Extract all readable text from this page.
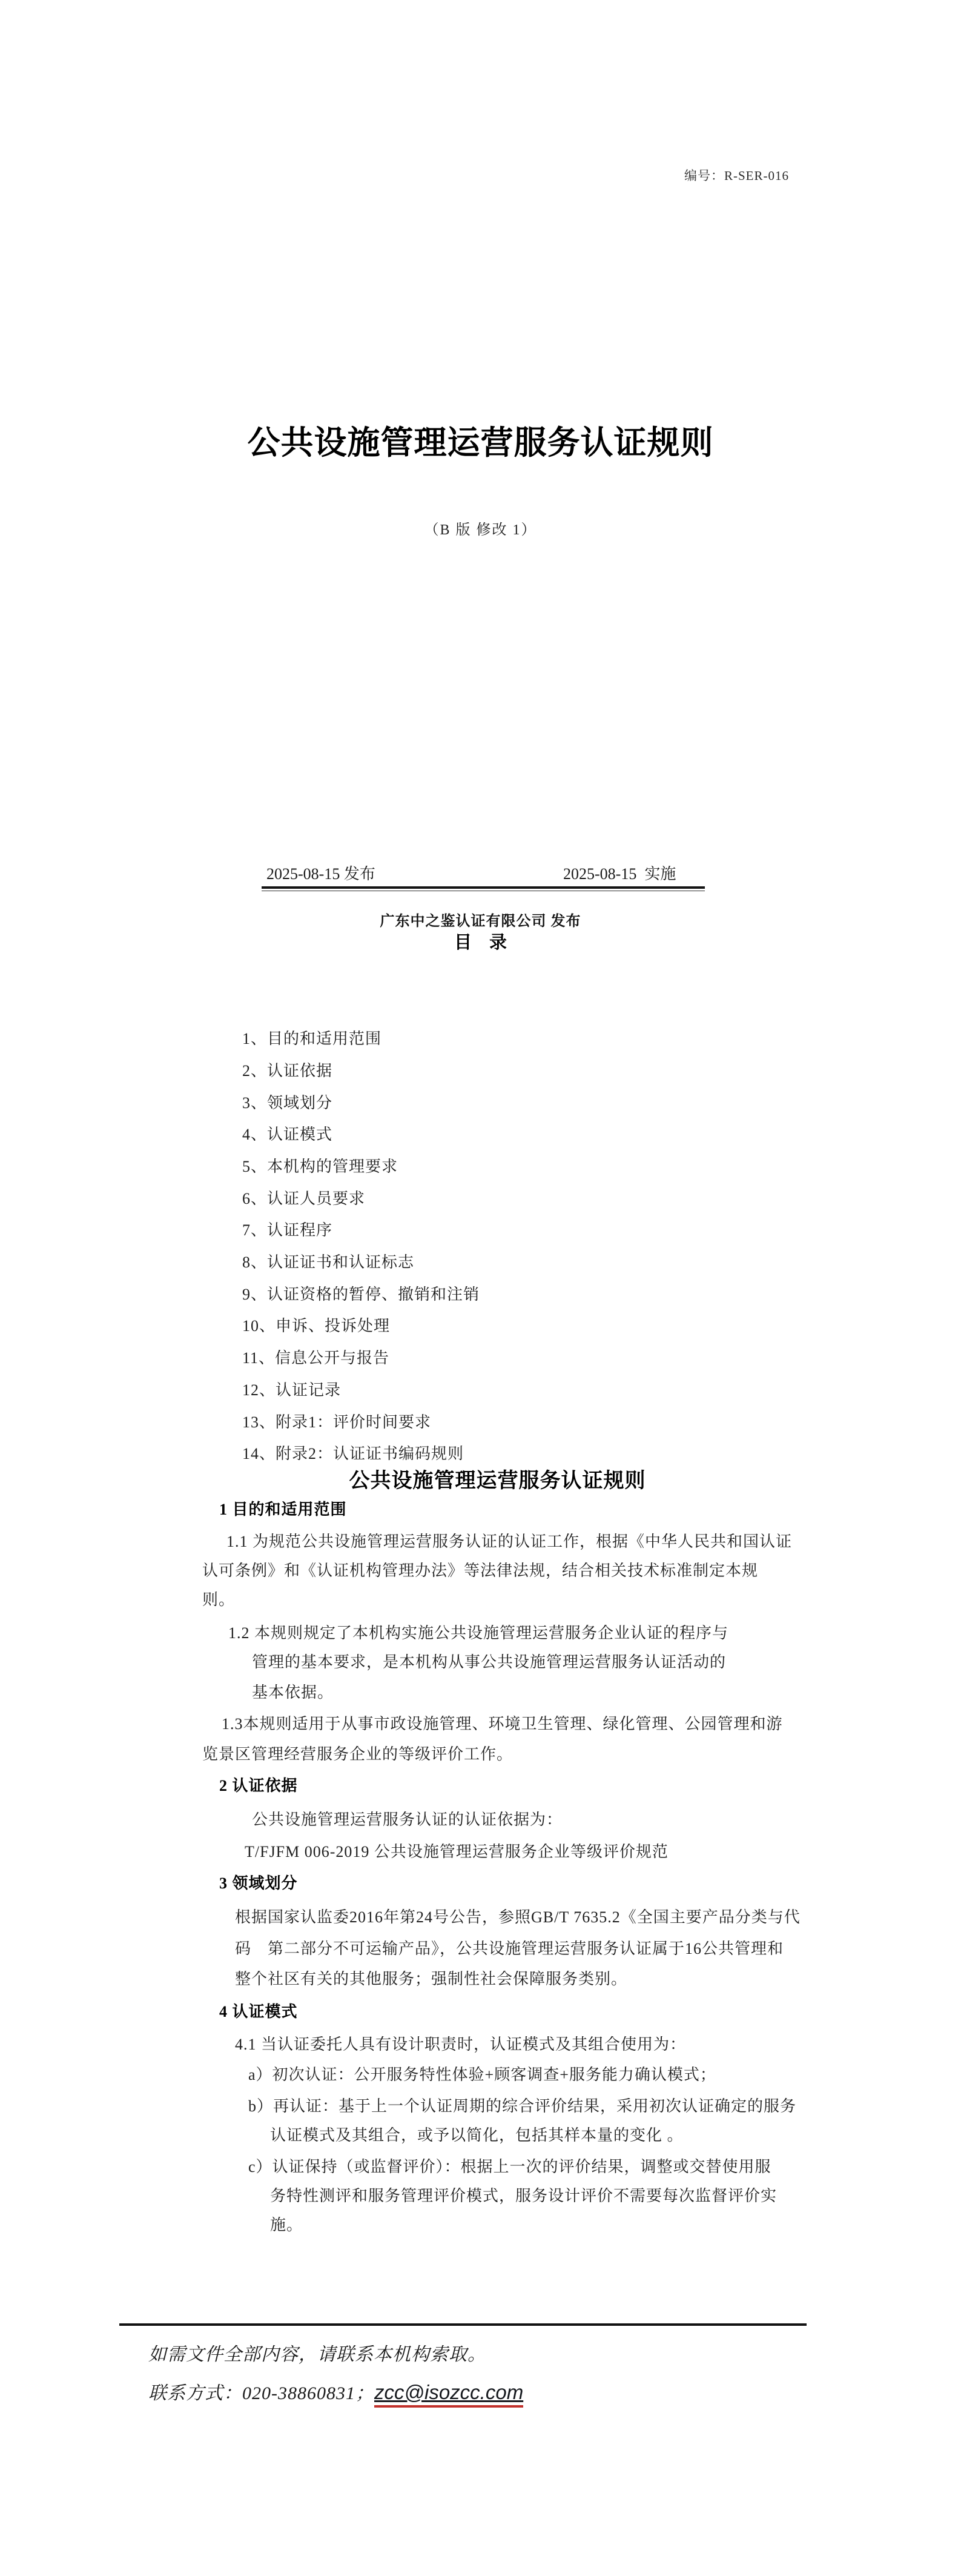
编号：R-SER-016
公共设施管理运营服务认证规则
（B 版 修改 1）
2025-08-15 发布	2025-08-15  实施
广东中之鉴认证有限公司 发布
目　录
1、目的和适用范围
2、认证依据
3、领域划分
4、认证模式
5、本机构的管理要求
6、认证人员要求
7、认证程序
8、认证证书和认证标志
9、认证资格的暂停、撤销和注销
10、申诉、投诉处理
11、信息公开与报告
12、认证记录
13、附录1：评价时间要求
14、附录2：认证证书编码规则
公共设施管理运营服务认证规则
1 目的和适用范围
1.1 为规范公共设施管理运营服务认证的认证工作，根据《中华人民共和国认证
认可条例》和《认证机构管理办法》等法律法规，结合相关技术标准制定本规
则。
1.2 本规则规定了本机构实施公共设施管理运营服务企业认证的程序与
管理的基本要求，是本机构从事公共设施管理运营服务认证活动的
基本依据。
1.3本规则适用于从事市政设施管理、环境卫生管理、绿化管理、公园管理和游
览景区管理经营服务企业的等级评价工作。
2 认证依据
公共设施管理运营服务认证的认证依据为：
T/FJFM 006-2019 公共设施管理运营服务企业等级评价规范
3 领域划分
根据国家认监委2016年第24号公告，参照GB/T 7635.2《全国主要产品分类与代
码　第二部分不可运输产品》，公共设施管理运营服务认证属于16公共管理和
整个社区有关的其他服务；强制性社会保障服务类别。
4 认证模式
4.1 当认证委托人具有设计职责时，认证模式及其组合使用为：
a）初次认证：公开服务特性体验+顾客调查+服务能力确认模式；
b）再认证：基于上一个认证周期的综合评价结果，采用初次认证确定的服务
认证模式及其组合，或予以简化，包括其样本量的变化 。
c）认证保持（或监督评价）：根据上一次的评价结果，调整或交替使用服
务特性测评和服务管理评价模式，服务设计评价不需要每次监督评价实
施。
如需文件全部内容，请联系本机构索取。
联系方式：020-38860831；zcc@isozcc.com
